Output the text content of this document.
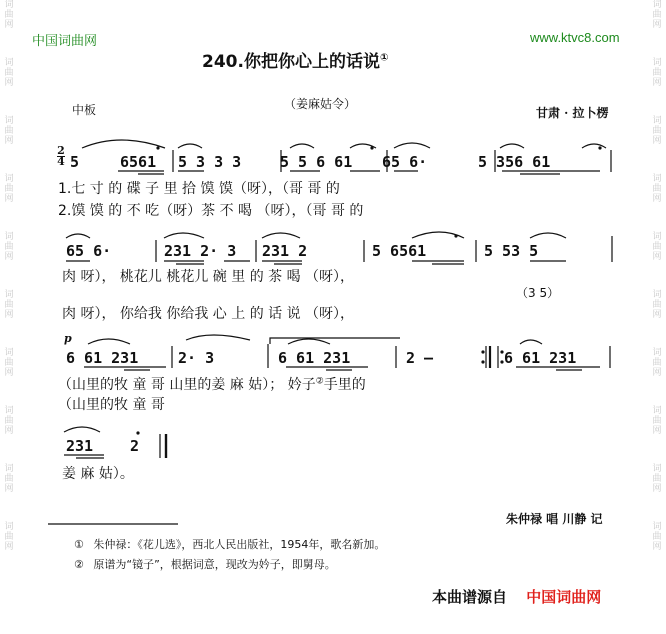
词
曲
网
词
曲
网
词
曲
网
词
曲
网
词
曲
网
词
曲
网
词
曲
网
词
曲
网
词
曲
网
词
曲
网
词
曲
网
词
曲
网
词
曲
网
词
曲
网
词
曲
网
词
曲
网
词
曲
网
词
曲
网
词
曲
网
词
曲
网
中国词曲网	www.ktvc8.com
240.你把你心上的话说①
（姜麻姑令）
中板	甘肃 · 拉卜楞
2
4 5	6561 5 3 3 3	5 5 6 61 65 6·	5 356 61
1.七 寸 的 碟 子 里 拾 馍 馍（呀），（哥 哥 的
2.馍 馍 的 不 吃（呀）茶 不 喝 （呀），（哥 哥 的
65 6·	231 2· 3 231 2	5 6561	5 53 5
肉 呀）， 桃花儿 桃花儿 碗 里 的 茶 喝 （呀），
（3 5）
肉 呀）， 你给我 你给我 心 上 的 话 说 （呀），
p
6 61 231	2· 3	6 61 231	2 —	6 61 231
（山里的牧 童 哥 山里的姜 麻 姑）； 妗子②手里的
（山里的牧 童 哥
231 2
姜 麻 姑）。
朱仲禄 唱 川静 记
① 朱仲禄：《花儿选》，西北人民出版社，1954年，歌名新加。
② 原谱为“镜子”，根据词意，现改为妗子，即舅母。
本曲谱源自 中国词曲网
